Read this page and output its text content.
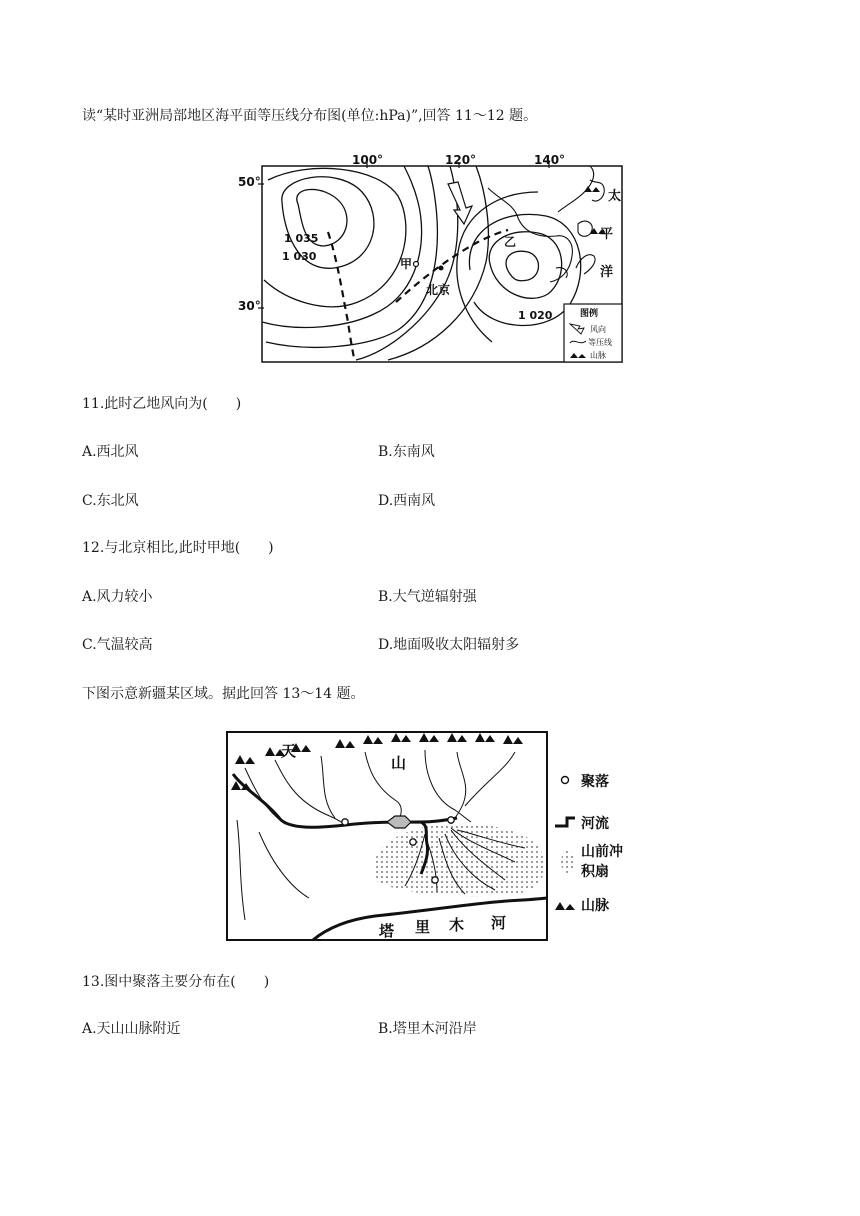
读“某时亚洲局部地区海平面等压线分布图(单位:hPa)”,回答 11～12 题。
100°	120°	140°
50°
30°
1 035
1 030
1 020
甲
北京
乙
太
平
洋
图例
风向
等压线
山脉
11.此时乙地风向为(　　)
A.西北风	B.东南风
C.东北风	D.西南风
12.与北京相比,此时甲地(　　)
A.风力较小	B.大气逆辐射强
C.气温较高	D.地面吸收太阳辐射多
下图示意新疆某区域。据此回答 13～14 题。
天
山
塔 里 木 河
聚落
河流
山前冲
积扇
山脉
13.图中聚落主要分布在(　　)
A.天山山脉附近	B.塔里木河沿岸
